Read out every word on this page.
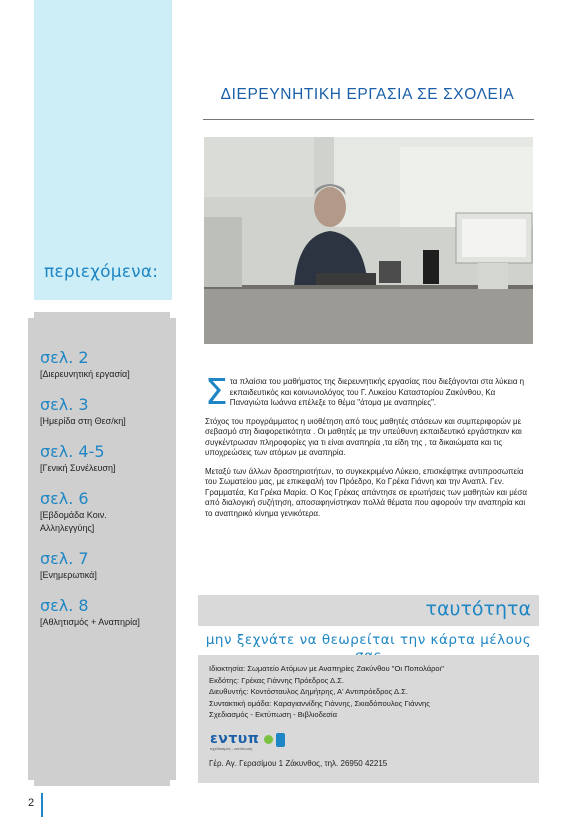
περιεχόμενα:
σελ. 2
[Διερευνητική εργασία]
σελ. 3
[Ημερίδα στη Θεσ/κη]
σελ. 4-5
[Γενική Συνέλευση]
σελ. 6
[Εβδομάδα Κοιν. Αλληλεγγύης]
σελ. 7
[Ενημερωτικά]
σελ. 8
[Αθλητισμός + Αναπηρία]
2
ΔΙΕΡΕΥΝΗΤΙΚΗ ΕΡΓΑΣΙΑ ΣΕ ΣΧΟΛΕΙΑ

Στα πλαίσια του μαθήματος της διερευνητικής εργασίας που διεξάγονται στα λύκεια η εκπαιδευτικός και κοινωνιολόγος του Γ. Λυκείου Καταστορίου Ζακύνθου, Κα Παναγιώτα Ιωάννα επέλεξε το θέμα "άτομα με αναπηρίες".

Στόχος του προγράμματος η υιοθέτηση από τους μαθητές στάσεων και συμπεριφορών με σεβασμό στη διαφορετικότητα . Οι μαθητές με την υπεύθυνη εκπαιδευτικό εργάστηκαν και συγκέντρωσαν πληροφορίες για τι είναι αναπηρία ,τα είδη της , τα δικαιώματα και τις υποχρεώσεις των ατόμων με αναπηρία.

Μεταξύ των άλλων δραστηριοτήτων, το συγκεκριμένο Λύκειο, επισκέφτηκε αντιπροσωπεία του Σωματείου μας, με επικεφαλή τον Πρόεδρο, Κο Γρέκα Γιάννη και την Αναπλ. Γεν. Γραμματέα, Κα Γρέκα Μαρία. Ο Κος Γρέκας απάντησε σε ερωτήσεις των μαθητών και μέσα από διαλογική συζήτηση, αποσαφηνίστηκαν πολλά θέματα που αφορούν την αναπηρία και το αναπηρικό κίνημα γενικότερα.

ταυτότητα
μην ξεχνάτε να θεωρείται την κάρτα μέλους
Ιδιοκτησία: Σωματείο Ατόμων με Αναπηρίες Ζακύνθου "Οι Ποπολάροι"
Εκδότης: Γρέκας Γιάννης Πρόεδρος Δ.Σ.
Διευθυντής: Κοντόσταυλος Δημήτρης, Α' Αντιπρόεδρος Δ.Σ.
Συντακτική ομάδα: Καραγιαννίδης Γιάννης, Σκιαδόπουλος Γιάννης
Σχεδιασμός - Εκτύπωση - Βιβλιοδεσία
εντυπ
σχεδιασμός - εκτύπωση
Γέρ. Αγ. Γερασίμου 1 Ζάκυνθος, τηλ. 26950 42215
